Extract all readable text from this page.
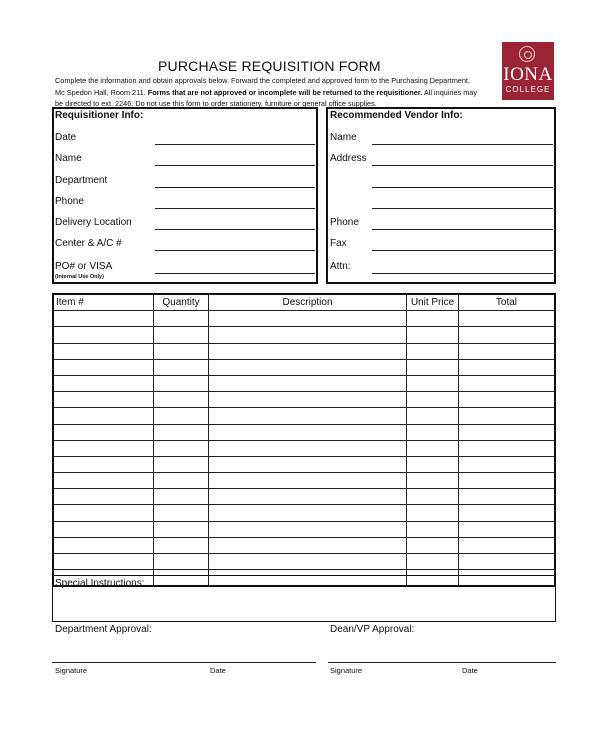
PURCHASE REQUISITION FORM
Complete the information and obtain approvals below. Forward the completed and approved form to the Purchasing Department,
Mc Spedon Hall, Room 211. Forms that are not approved or incomplete will be returned to the requisitioner. All inquiries may
be directed to ext. 2246. Do not use this form to order stationery, furniture or general office supplies.
IONA
COLLEGE
Requisitioner Info:
Date
Name
Department
Phone
Delivery Location
Center & A/C #
PO# or VISA
(Internal Use Only)
Recommended Vendor Info:
Name
Address
Phone
Fax
Attn:
Item #	Quantity	Description	Unit Price	Total

Special Instructions:
Department Approval:	Dean/VP Approval:
Signature	Date	Signature	Date
